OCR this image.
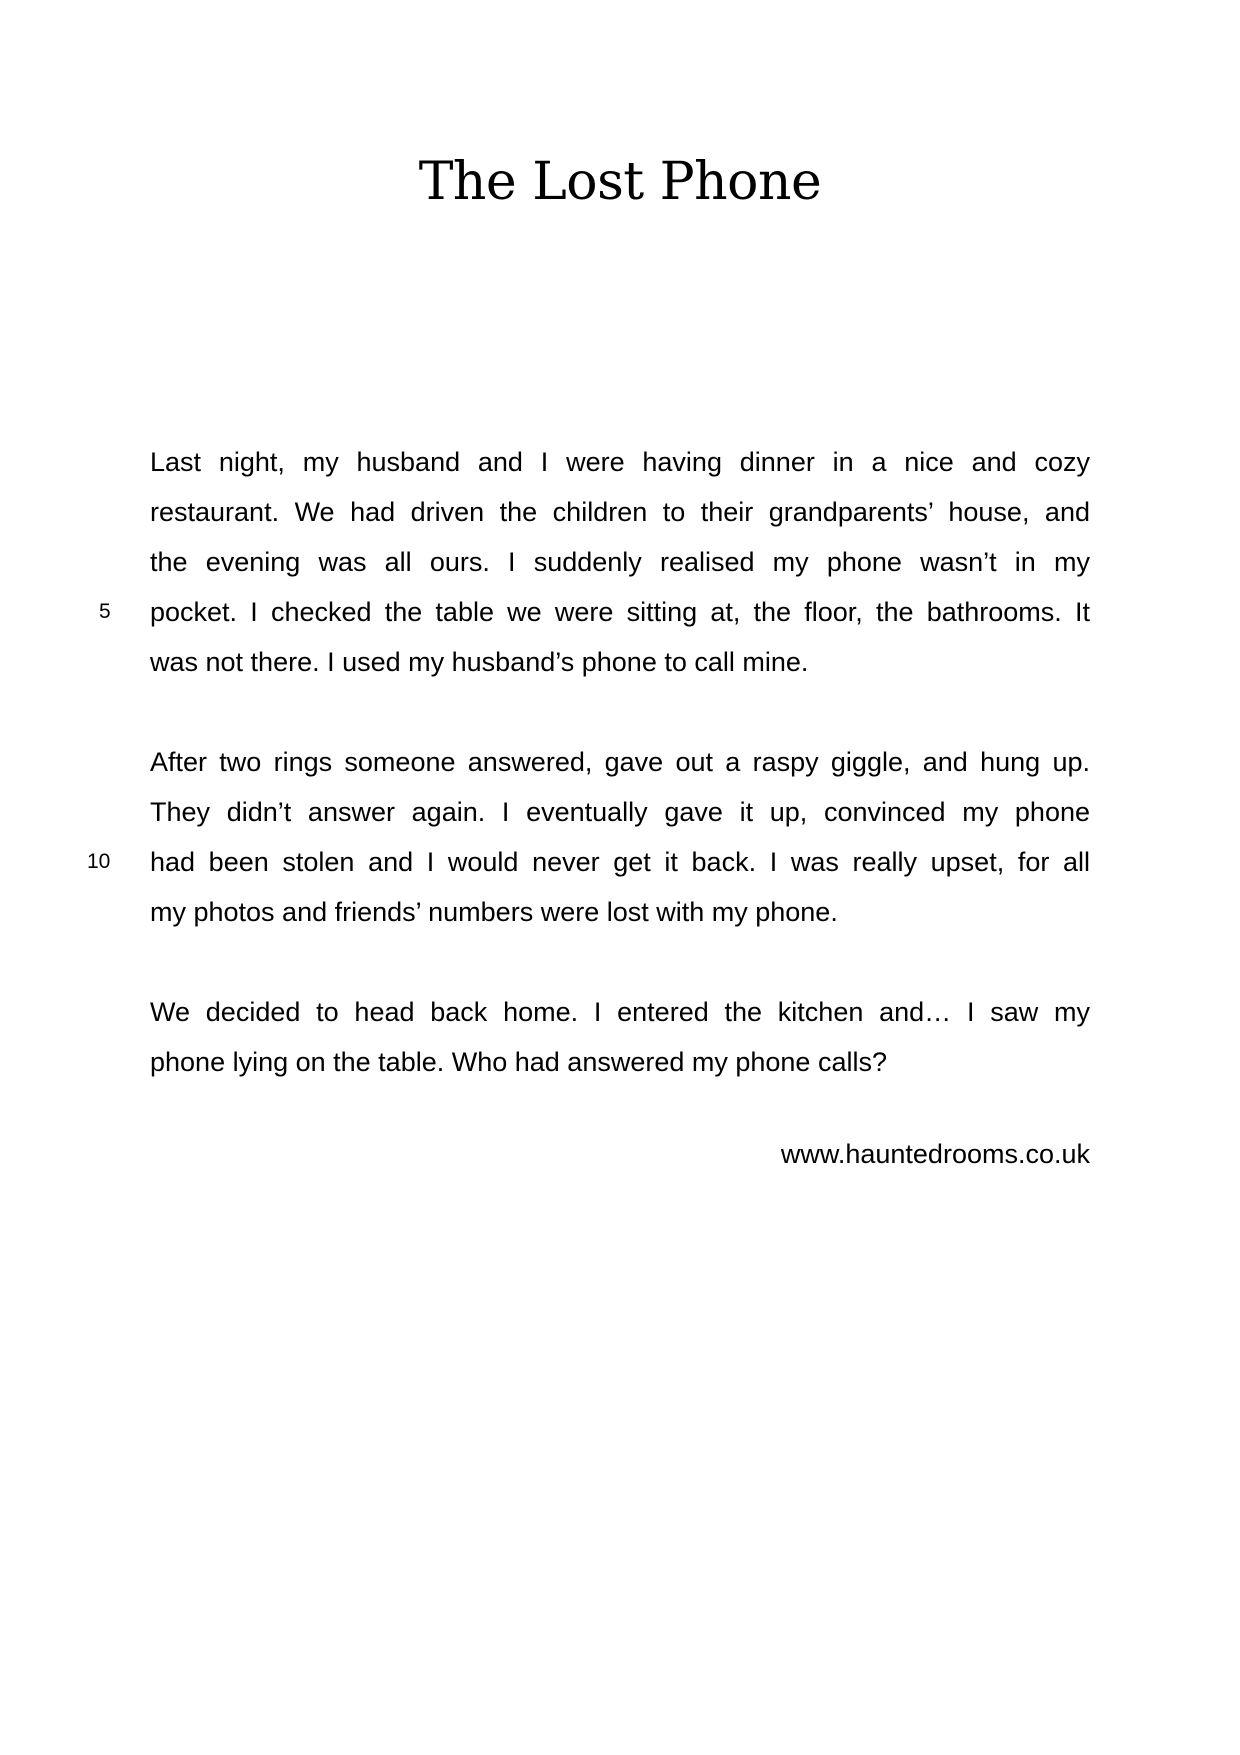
The Lost Phone
Last night, my husband and I were having dinner in a nice and cozy
restaurant. We had driven the children to their grandparents’ house, and
the evening was all ours. I suddenly realised my phone wasn’t in my
pocket. I checked the table we were sitting at, the floor, the bathrooms. It
was not there. I used my husband’s phone to call mine.
After two rings someone answered, gave out a raspy giggle, and hung up.
They didn’t answer again. I eventually gave it up, convinced my phone
had been stolen and I would never get it back. I was really upset, for all
my photos and friends’ numbers were lost with my phone.
We decided to head back home. I entered the kitchen and… I saw my
phone lying on the table. Who had answered my phone calls?
5
10
www.hauntedrooms.co.uk
